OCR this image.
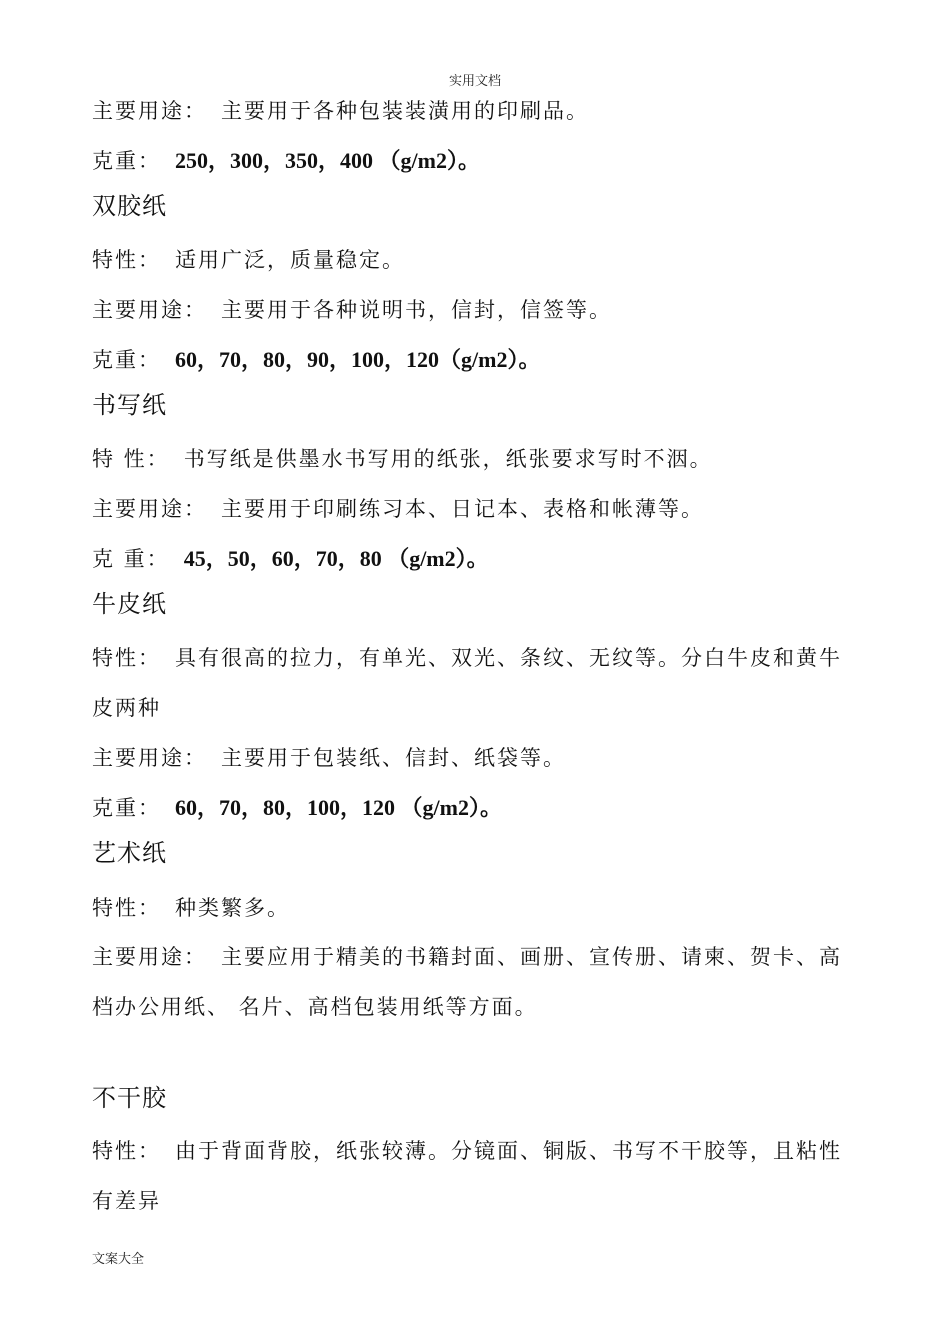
实用文档
主要用途： 主要用于各种包装装潢用的印刷品。
克重： 250，300，350，400 （g/m2）。
双胶纸
特性： 适用广泛，质量稳定。
主要用途： 主要用于各种说明书，信封，信签等。
克重： 60，70，80，90，100，120（g/m2）。
书写纸
特 性： 书写纸是供墨水书写用的纸张，纸张要求写时不洇。
主要用途： 主要用于印刷练习本、日记本、表格和帐薄等。
克 重： 45，50，60，70，80 （g/m2）。
牛皮纸
特性： 具有很高的拉力，有单光、双光、条纹、无纹等。分白牛皮和黄牛
皮两种
主要用途： 主要用于包装纸、信封、纸袋等。
克重： 60，70，80，100，120 （g/m2）。
艺术纸
特性： 种类繁多。
主要用途： 主要应用于精美的书籍封面、画册、宣传册、请柬、贺卡、高
档办公用纸、 名片、高档包装用纸等方面。
不干胶
特性： 由于背面背胶，纸张较薄。分镜面、铜版、书写不干胶等，且粘性
有差异
文案大全
